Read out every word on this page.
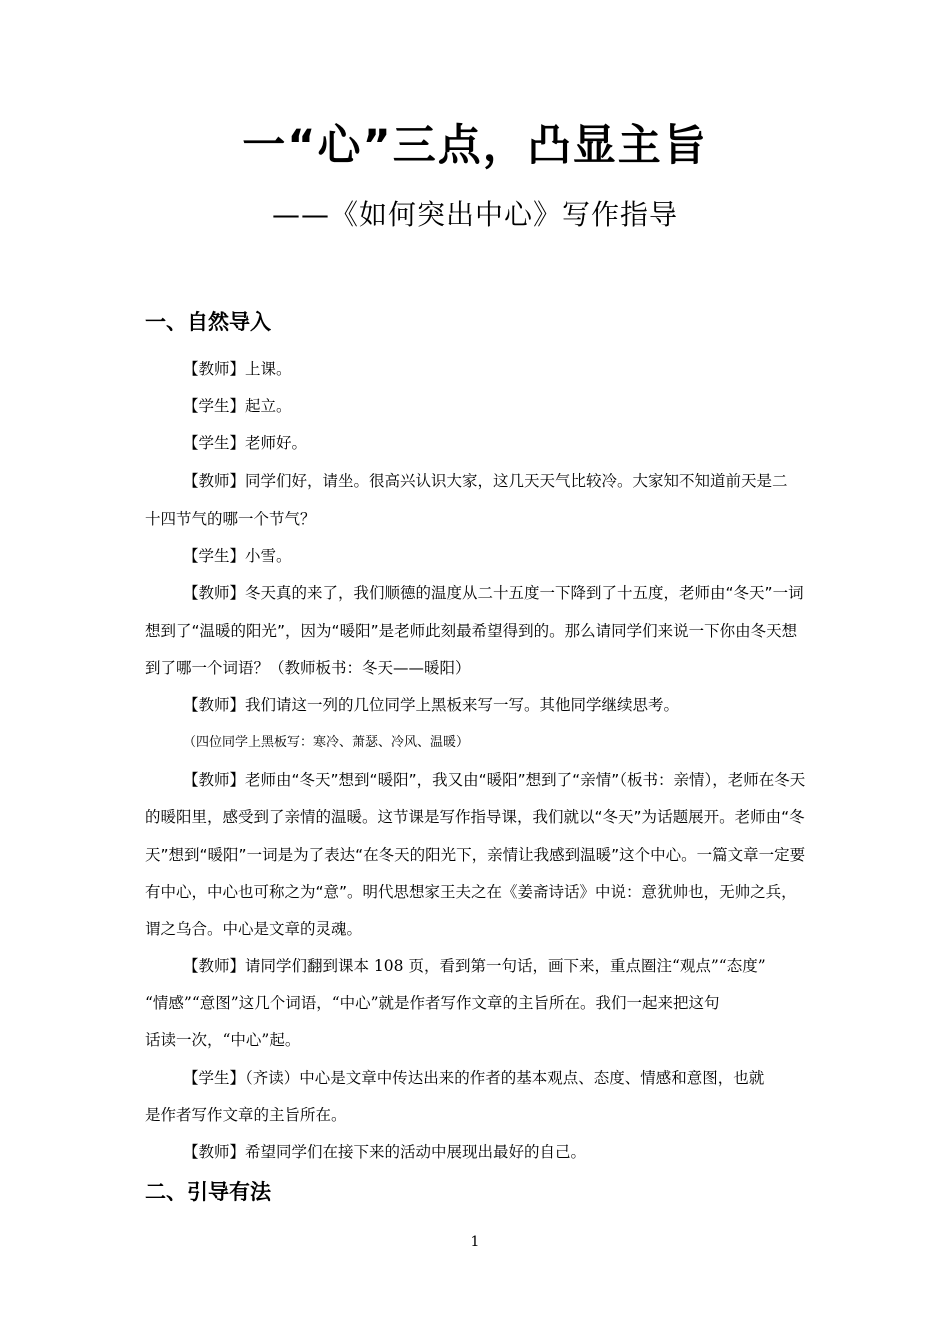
一“心”三点，凸显主旨
——《如何突出中心》写作指导
一、自然导入
【教师】上课。
【学生】起立。
【学生】老师好。
【教师】同学们好，请坐。很高兴认识大家，这几天天气比较冷。大家知不知道前天是二
十四节气的哪一个节气？
【学生】小雪。
【教师】冬天真的来了，我们顺德的温度从二十五度一下降到了十五度，老师由“冬天”一词
想到了“温暖的阳光”，因为“暖阳”是老师此刻最希望得到的。那么请同学们来说一下你由冬天想
到了哪一个词语？（教师板书：冬天——暖阳）
【教师】我们请这一列的几位同学上黑板来写一写。其他同学继续思考。
（四位同学上黑板写：寒冷、萧瑟、冷风、温暖）
【教师】老师由“冬天”想到“暖阳”，我又由“暖阳”想到了“亲情”（板书：亲情），老师在冬天
的暖阳里，感受到了亲情的温暖。这节课是写作指导课，我们就以“冬天”为话题展开。老师由“冬
天”想到“暖阳”一词是为了表达“在冬天的阳光下，亲情让我感到温暖”这个中心。一篇文章一定要
有中心，中心也可称之为“意”。明代思想家王夫之在《姜斋诗话》中说：意犹帅也，无帅之兵，
谓之乌合。中心是文章的灵魂。
【教师】请同学们翻到课本 108 页，看到第一句话，画下来，重点圈注“观点”“态度”
“情感”“意图”这几个词语，“中心”就是作者写作文章的主旨所在。我们一起来把这句
话读一次，“中心”起。
【学生】（齐读）中心是文章中传达出来的作者的基本观点、态度、情感和意图，也就
是作者写作文章的主旨所在。
【教师】希望同学们在接下来的活动中展现出最好的自己。
二、引导有法
1
